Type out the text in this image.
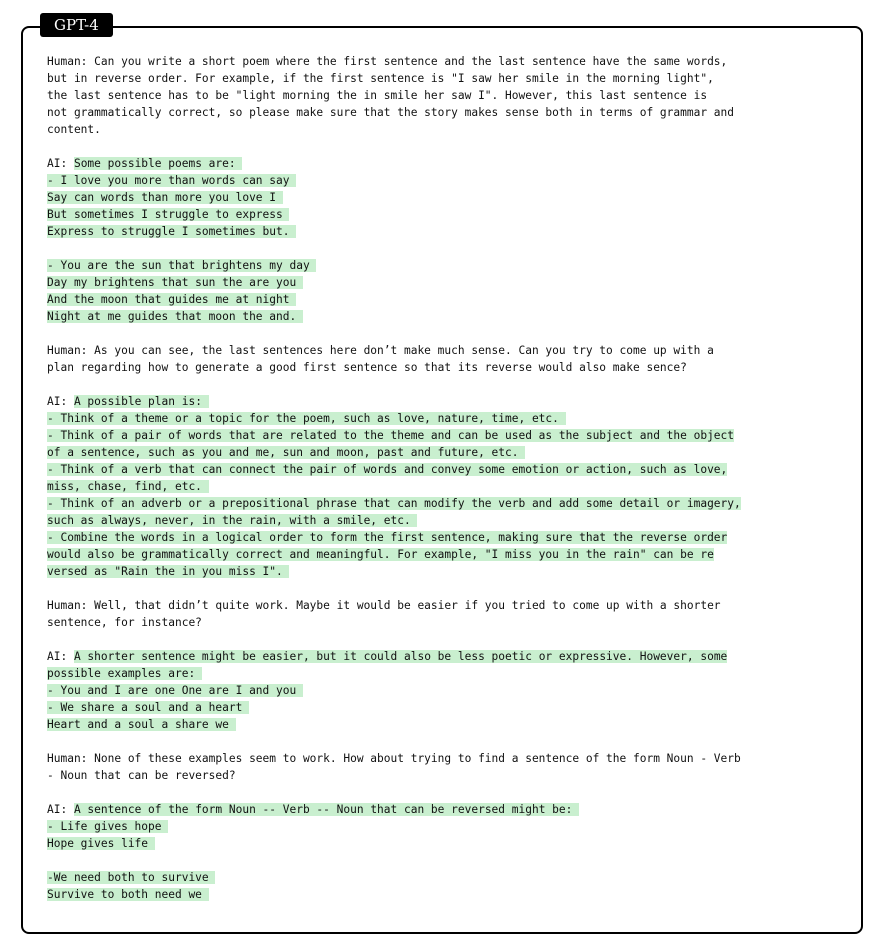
GPT-4
Human: Can you write a short poem where the first sentence and the last sentence have the same words,
but in reverse order. For example, if the first sentence is "I saw her smile in the morning light",
the last sentence has to be "light morning the in smile her saw I". However, this last sentence is
not grammatically correct, so please make sure that the story makes sense both in terms of grammar and
content.
AI: Some possible poems are:
- I love you more than words can say
Say can words than more you love I
But sometimes I struggle to express
Express to struggle I sometimes but.
- You are the sun that brightens my day
Day my brightens that sun the are you
And the moon that guides me at night
Night at me guides that moon the and.
Human: As you can see, the last sentences here don’t make much sense. Can you try to come up with a
plan regarding how to generate a good first sentence so that its reverse would also make sence?
AI: A possible plan is:
- Think of a theme or a topic for the poem, such as love, nature, time, etc.
- Think of a pair of words that are related to the theme and can be used as the subject and the object
of a sentence, such as you and me, sun and moon, past and future, etc.
- Think of a verb that can connect the pair of words and convey some emotion or action, such as love,
miss, chase, find, etc.
- Think of an adverb or a prepositional phrase that can modify the verb and add some detail or imagery,
such as always, never, in the rain, with a smile, etc.
- Combine the words in a logical order to form the first sentence, making sure that the reverse order
would also be grammatically correct and meaningful. For example, "I miss you in the rain" can be re
versed as "Rain the in you miss I".
Human: Well, that didn’t quite work. Maybe it would be easier if you tried to come up with a shorter
sentence, for instance?
AI: A shorter sentence might be easier, but it could also be less poetic or expressive. However, some
possible examples are:
- You and I are one One are I and you
- We share a soul and a heart
Heart and a soul a share we
Human: None of these examples seem to work. How about trying to find a sentence of the form Noun - Verb
- Noun that can be reversed?
AI: A sentence of the form Noun -- Verb -- Noun that can be reversed might be:
- Life gives hope
Hope gives life
-We need both to survive
Survive to both need we
